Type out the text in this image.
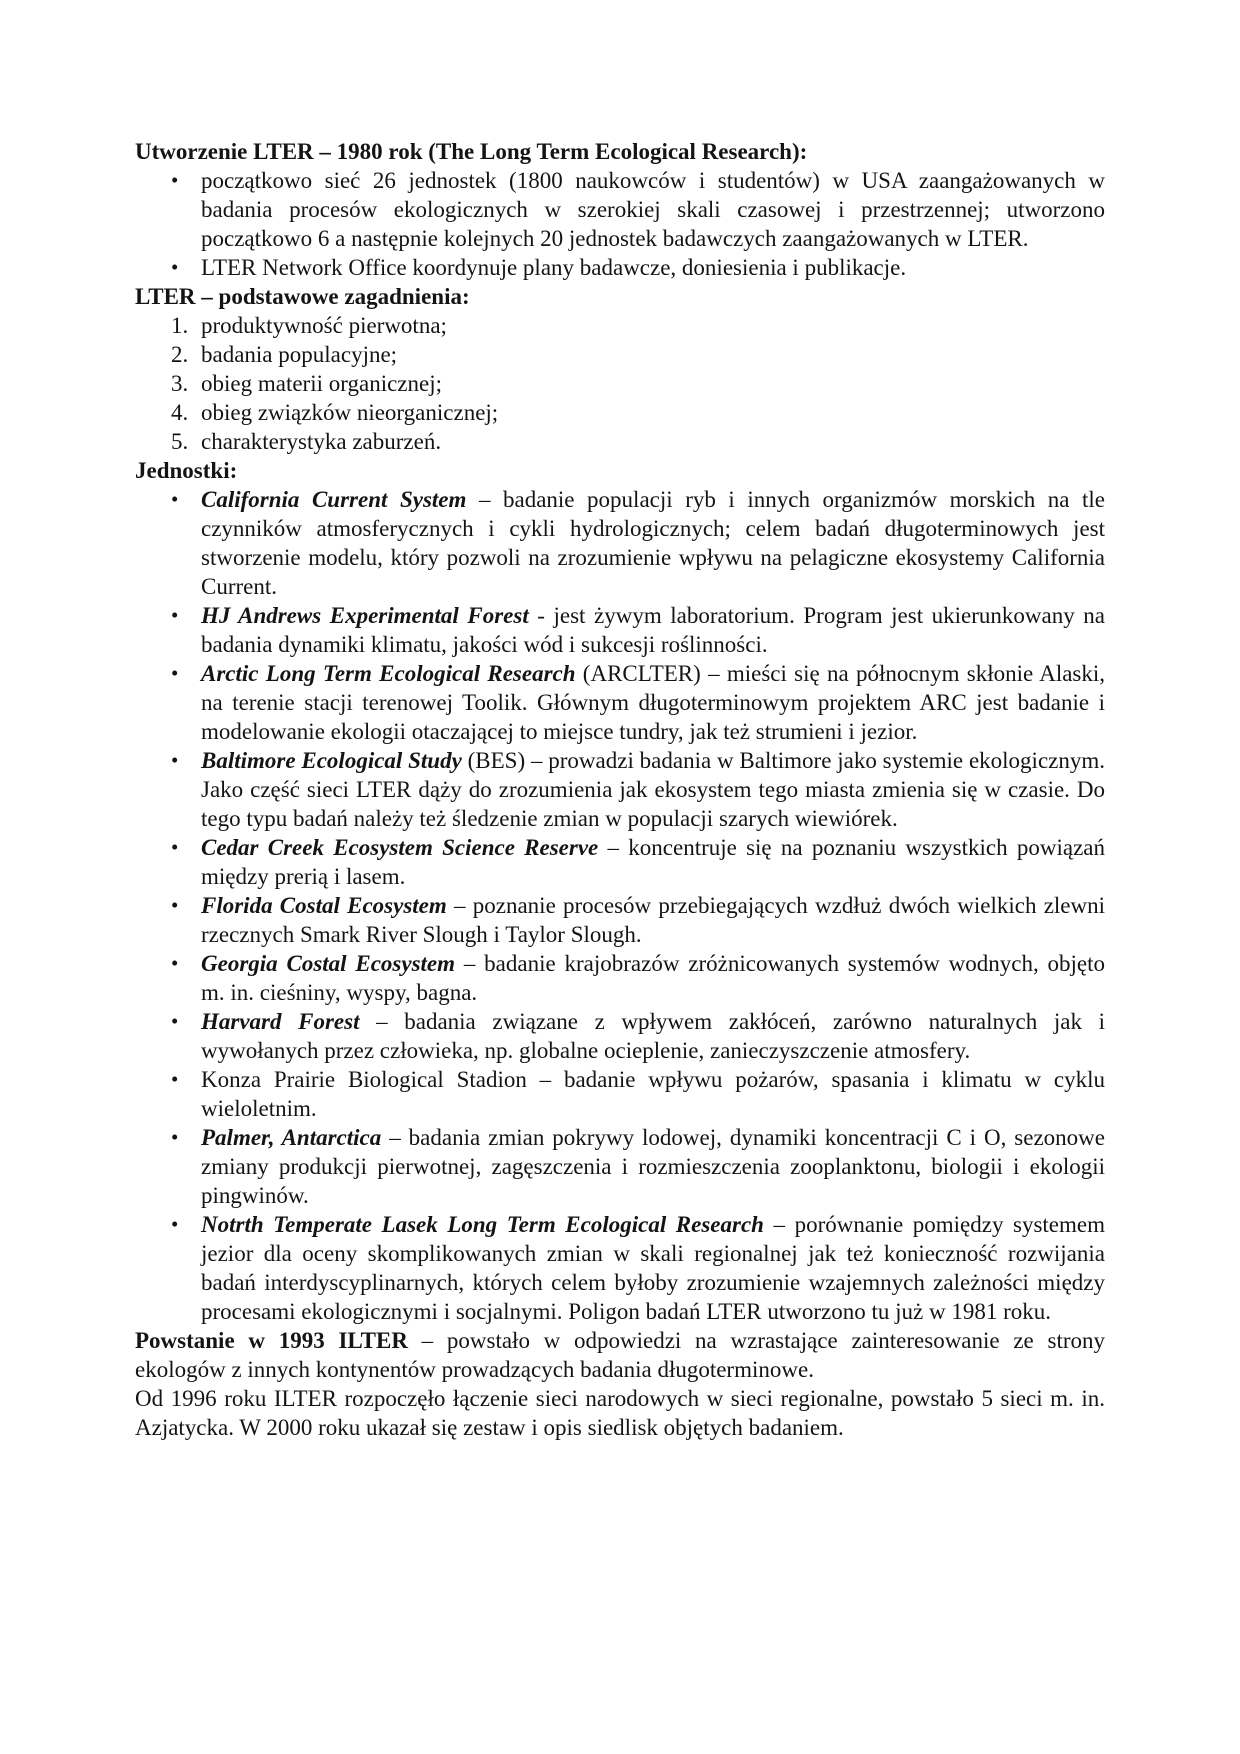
Utworzenie LTER – 1980 rok (The Long Term Ecological Research):
• początkowo sieć 26 jednostek (1800 naukowców i studentów) w USA zaangażowanych w badania procesów ekologicznych w szerokiej skali czasowej i przestrzennej; utworzono początkowo 6 a następnie kolejnych 20 jednostek badawczych zaangażowanych w LTER.
• LTER Network Office koordynuje plany badawcze, doniesienia i publikacje.
LTER – podstawowe zagadnienia:
1. produktywność pierwotna;
2. badania populacyjne;
3. obieg materii organicznej;
4. obieg związków nieorganicznej;
5. charakterystyka zaburzeń.
Jednostki:
• California Current System – badanie populacji ryb i innych organizmów morskich na tle czynników atmosferycznych i cykli hydrologicznych; celem badań długoterminowych jest stworzenie modelu, który pozwoli na zrozumienie wpływu na pelagiczne ekosystemy California Current.
• HJ Andrews Experimental Forest - jest żywym laboratorium. Program jest ukierunkowany na badania dynamiki klimatu, jakości wód i sukcesji roślinności.
• Arctic Long Term Ecological Research (ARCLTER) – mieści się na północnym skłonie Alaski, na terenie stacji terenowej Toolik. Głównym długoterminowym projektem ARC jest badanie i modelowanie ekologii otaczającej to miejsce tundry, jak też strumieni i jezior.
• Baltimore Ecological Study (BES) – prowadzi badania w Baltimore jako systemie ekologicznym. Jako część sieci LTER dąży do zrozumienia jak ekosystem tego miasta zmienia się w czasie. Do tego typu badań należy też śledzenie zmian w populacji szarych wiewiórek.
• Cedar Creek Ecosystem Science Reserve – koncentruje się na poznaniu wszystkich powiązań między prerią i lasem.
• Florida Costal Ecosystem – poznanie procesów przebiegających wzdłuż dwóch wielkich zlewni rzecznych Smark River Slough i Taylor Slough.
• Georgia Costal Ecosystem – badanie krajobrazów zróżnicowanych systemów wodnych, objęto m. in. cieśniny, wyspy, bagna.
• Harvard Forest – badania związane z wpływem zakłóceń, zarówno naturalnych jak i wywołanych przez człowieka, np. globalne ocieplenie, zanieczyszczenie atmosfery.
• Konza Prairie Biological Stadion – badanie wpływu pożarów, spasania i klimatu w cyklu wieloletnim.
• Palmer, Antarctica – badania zmian pokrywy lodowej, dynamiki koncentracji C i O, sezonowe zmiany produkcji pierwotnej, zagęszczenia i rozmieszczenia zooplanktonu, biologii i ekologii pingwinów.
• Notrth Temperate Lasek Long Term Ecological Research – porównanie pomiędzy systemem jezior dla oceny skomplikowanych zmian w skali regionalnej jak też konieczność rozwijania badań interdyscyplinarnych, których celem byłoby zrozumienie wzajemnych zależności między procesami ekologicznymi i socjalnymi. Poligon badań LTER utworzono tu już w 1981 roku.
Powstanie w 1993 ILTER – powstało w odpowiedzi na wzrastające zainteresowanie ze strony ekologów z innych kontynentów prowadzących badania długoterminowe.
Od 1996 roku ILTER rozpoczęło łączenie sieci narodowych w sieci regionalne, powstało 5 sieci m. in. Azjatycka. W 2000 roku ukazał się zestaw i opis siedlisk objętych badaniem.
